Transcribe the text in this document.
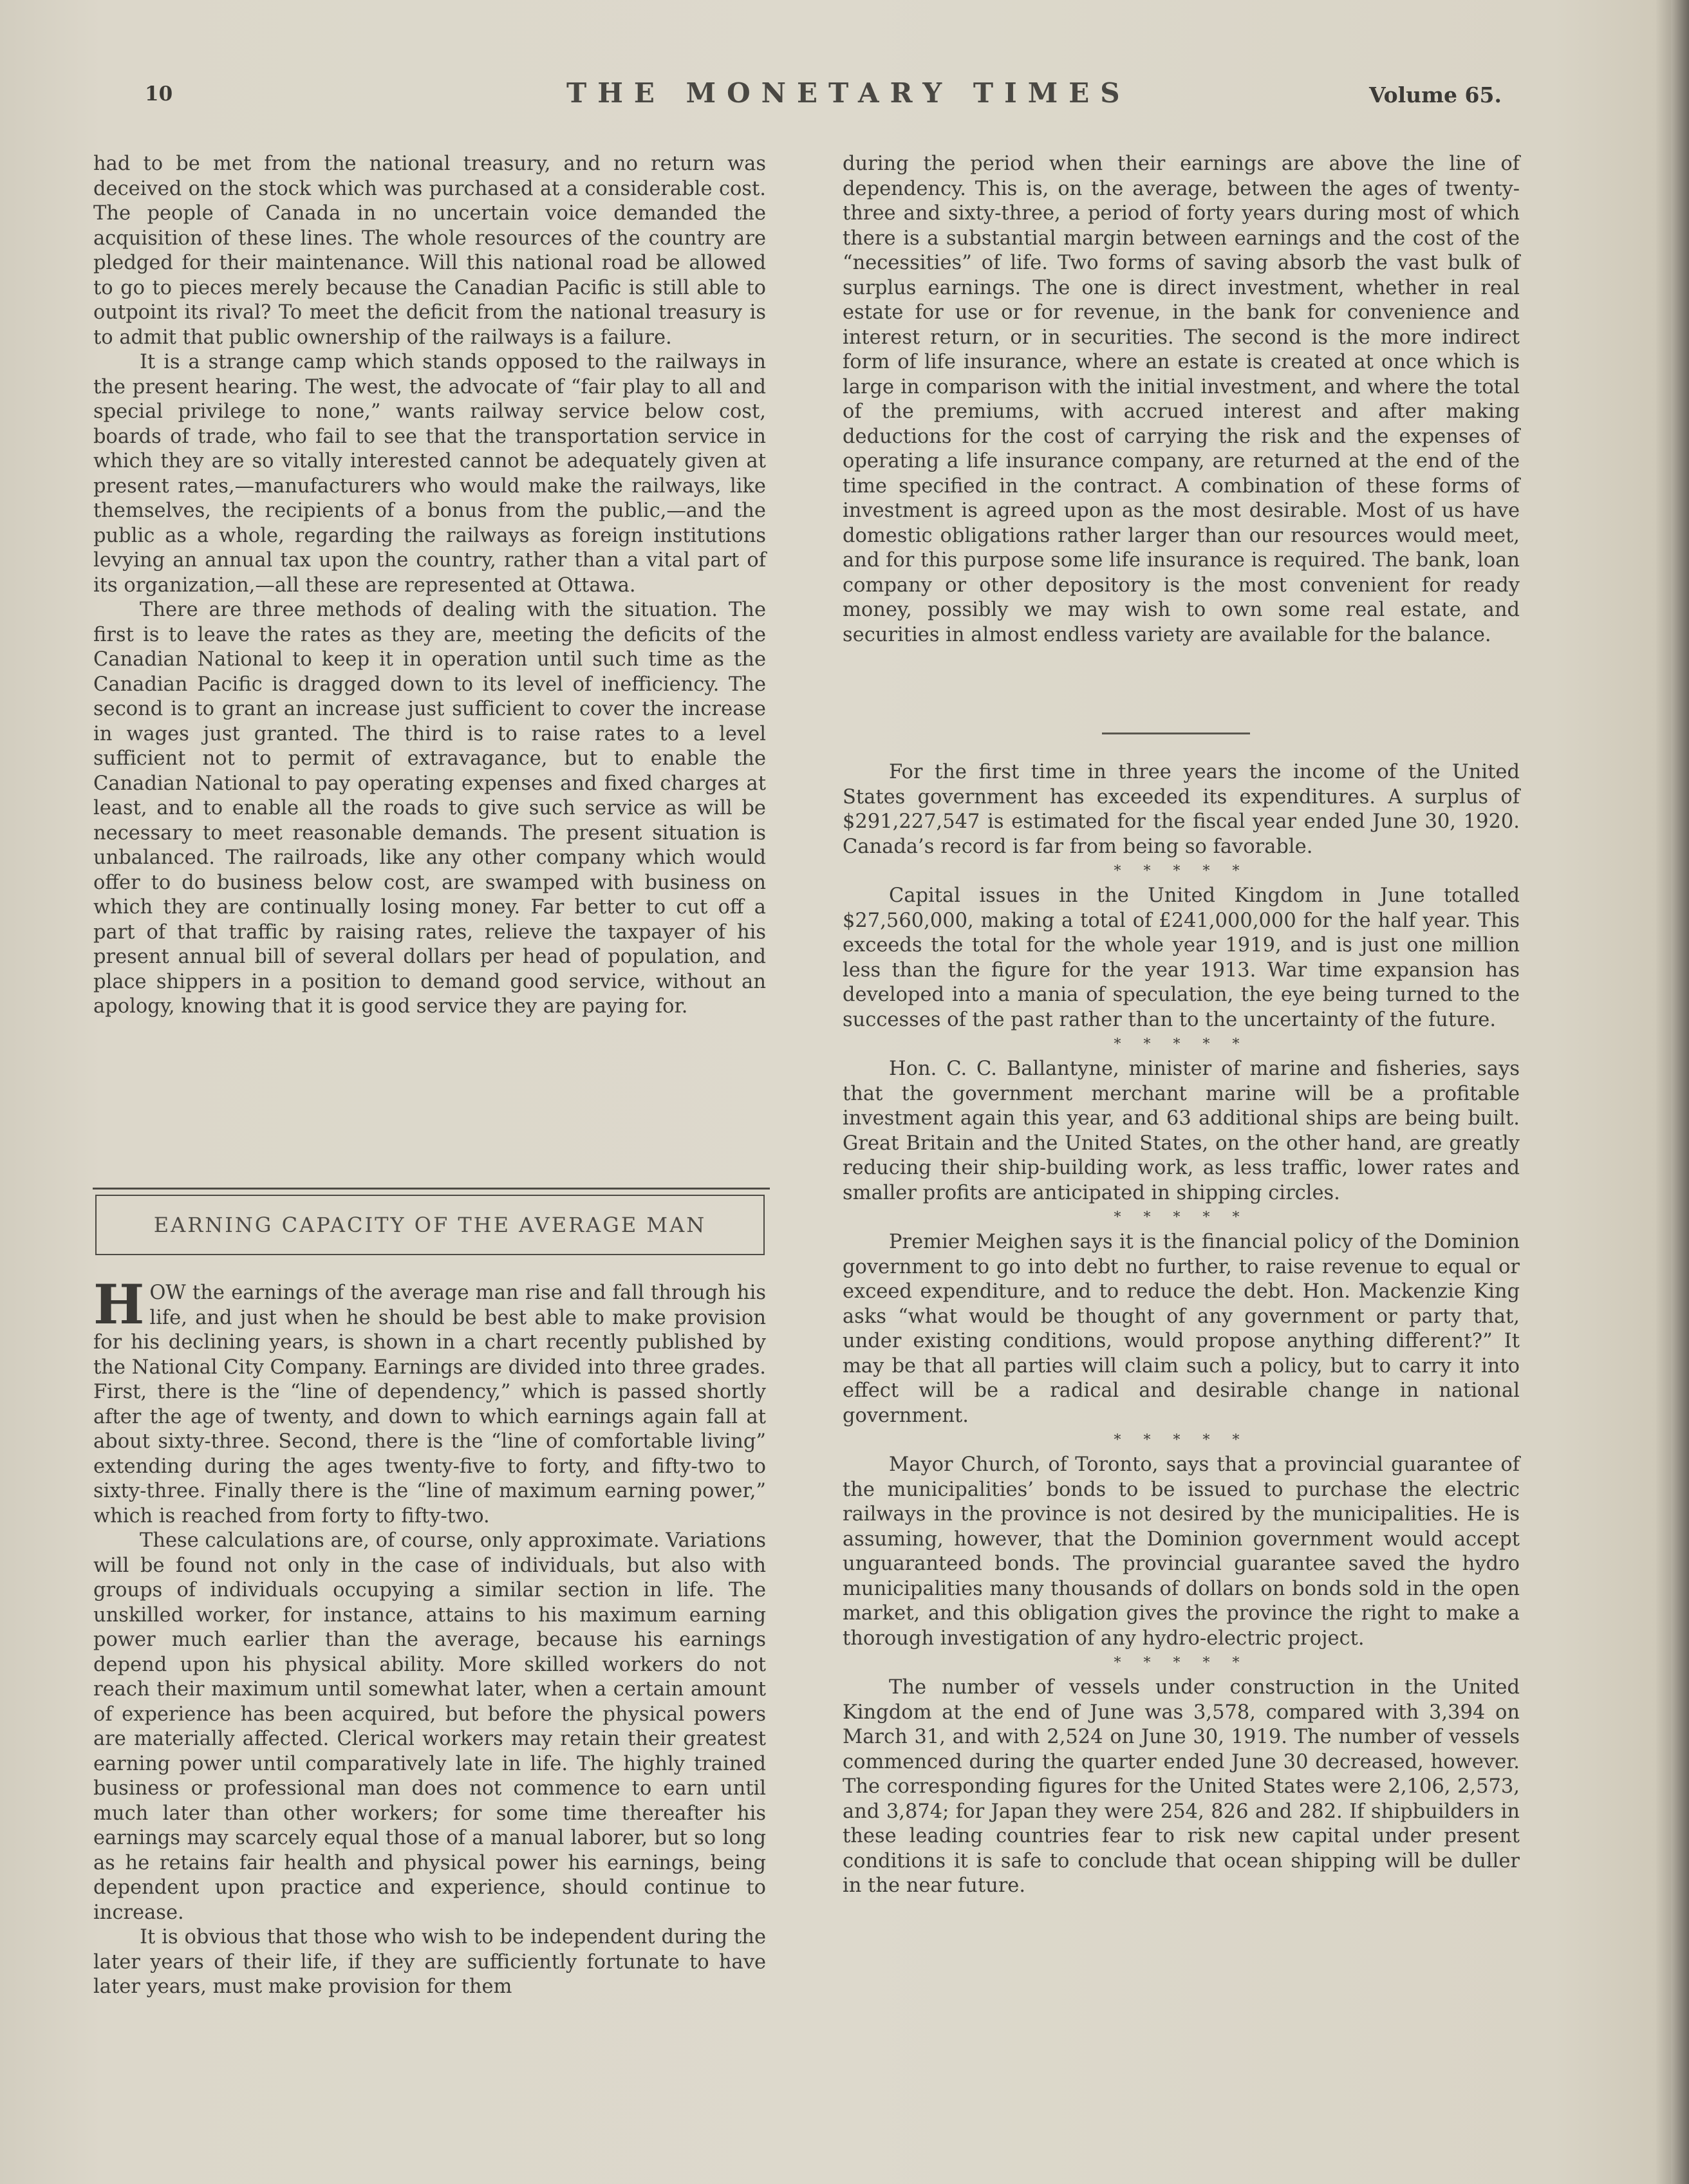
10	THE MONETARY TIMES	Volume 65.

had to be met from the national treasury, and no return was deceived on the stock which was purchased at a considerable cost. The people of Canada in no uncertain voice demanded the acquisition of these lines. The whole resources of the country are pledged for their maintenance. Will this national road be allowed to go to pieces merely because the Canadian Pacific is still able to outpoint its rival? To meet the deficit from the national treasury is to admit that public ownership of the railways is a failure.

It is a strange camp which stands opposed to the railways in the present hearing. The west, the advocate of “fair play to all and special privilege to none,” wants railway service below cost, boards of trade, who fail to see that the transportation service in which they are so vitally interested cannot be adequately given at present rates,—manufacturers who would make the railways, like themselves, the recipients of a bonus from the public,—and the public as a whole, regarding the railways as foreign institutions levying an annual tax upon the country, rather than a vital part of its organization,—all these are represented at Ottawa.

There are three methods of dealing with the situation. The first is to leave the rates as they are, meeting the deficits of the Canadian National to keep it in operation until such time as the Canadian Pacific is dragged down to its level of inefficiency. The second is to grant an increase just sufficient to cover the increase in wages just granted. The third is to raise rates to a level sufficient not to permit of extravagance, but to enable the Canadian National to pay operating expenses and fixed charges at least, and to enable all the roads to give such service as will be necessary to meet reasonable demands. The present situation is unbalanced. The railroads, like any other company which would offer to do business below cost, are swamped with business on which they are continually losing money. Far better to cut off a part of that traffic by raising rates, relieve the taxpayer of his present annual bill of several dollars per head of population, and place shippers in a position to demand good service, without an apology, knowing that it is good service they are paying for.

EARNING CAPACITY OF THE AVERAGE MAN

HOW the earnings of the average man rise and fall through his life, and just when he should be best able to make provision for his declining years, is shown in a chart recently published by the National City Company. Earnings are divided into three grades. First, there is the “line of dependency,” which is passed shortly after the age of twenty, and down to which earnings again fall at about sixty-three. Second, there is the “line of comfortable living” extending during the ages twenty-five to forty, and fifty-two to sixty-three. Finally there is the “line of maximum earning power,” which is reached from forty to fifty-two.

These calculations are, of course, only approximate. Variations will be found not only in the case of individuals, but also with groups of individuals occupying a similar section in life. The unskilled worker, for instance, attains to his maximum earning power much earlier than the average, because his earnings depend upon his physical ability. More skilled workers do not reach their maximum until somewhat later, when a certain amount of experience has been acquired, but before the physical powers are materially affected. Clerical workers may retain their greatest earning power until comparatively late in life. The highly trained business or professional man does not commence to earn until much later than other workers; for some time thereafter his earnings may scarcely equal those of a manual laborer, but so long as he retains fair health and physical power his earnings, being dependent upon practice and experience, should continue to increase.

It is obvious that those who wish to be independent during the later years of their life, if they are sufficiently fortunate to have later years, must make provision for them

during the period when their earnings are above the line of dependency. This is, on the average, between the ages of twenty-three and sixty-three, a period of forty years during most of which there is a substantial margin between earnings and the cost of the “necessities” of life. Two forms of saving absorb the vast bulk of surplus earnings. The one is direct investment, whether in real estate for use or for revenue, in the bank for convenience and interest return, or in securities. The second is the more indirect form of life insurance, where an estate is created at once which is large in comparison with the initial investment, and where the total of the premiums, with accrued interest and after making deductions for the cost of carrying the risk and the expenses of operating a life insurance company, are returned at the end of the time specified in the contract. A combination of these forms of investment is agreed upon as the most desirable. Most of us have domestic obligations rather larger than our resources would meet, and for this purpose some life insurance is required. The bank, loan company or other depository is the most convenient for ready money, possibly we may wish to own some real estate, and securities in almost endless variety are available for the balance.

For the first time in three years the income of the United States government has exceeded its expenditures. A surplus of $291,227,547 is estimated for the fiscal year ended June 30, 1920. Canada’s record is far from being so favorable.

* * * * *

Capital issues in the United Kingdom in June totalled $27,560,000, making a total of £241,000,000 for the half year. This exceeds the total for the whole year 1919, and is just one million less than the figure for the year 1913. War time expansion has developed into a mania of speculation, the eye being turned to the successes of the past rather than to the uncertainty of the future.

* * * * *

Hon. C. C. Ballantyne, minister of marine and fisheries, says that the government merchant marine will be a profitable investment again this year, and 63 additional ships are being built. Great Britain and the United States, on the other hand, are greatly reducing their ship-building work, as less traffic, lower rates and smaller profits are anticipated in shipping circles.

* * * * *

Premier Meighen says it is the financial policy of the Dominion government to go into debt no further, to raise revenue to equal or exceed expenditure, and to reduce the debt. Hon. Mackenzie King asks “what would be thought of any government or party that, under existing conditions, would propose anything different?” It may be that all parties will claim such a policy, but to carry it into effect will be a radical and desirable change in national government.

* * * * *

Mayor Church, of Toronto, says that a provincial guarantee of the municipalities’ bonds to be issued to purchase the electric railways in the province is not desired by the municipalities. He is assuming, however, that the Dominion government would accept unguaranteed bonds. The provincial guarantee saved the hydro municipalities many thousands of dollars on bonds sold in the open market, and this obligation gives the province the right to make a thorough investigation of any hydro-electric project.

* * * * *

The number of vessels under construction in the United Kingdom at the end of June was 3,578, compared with 3,394 on March 31, and with 2,524 on June 30, 1919. The number of vessels commenced during the quarter ended June 30 decreased, however. The corresponding figures for the United States were 2,106, 2,573, and 3,874; for Japan they were 254, 826 and 282. If shipbuilders in these leading countries fear to risk new capital under present conditions it is safe to conclude that ocean shipping will be duller in the near future.
